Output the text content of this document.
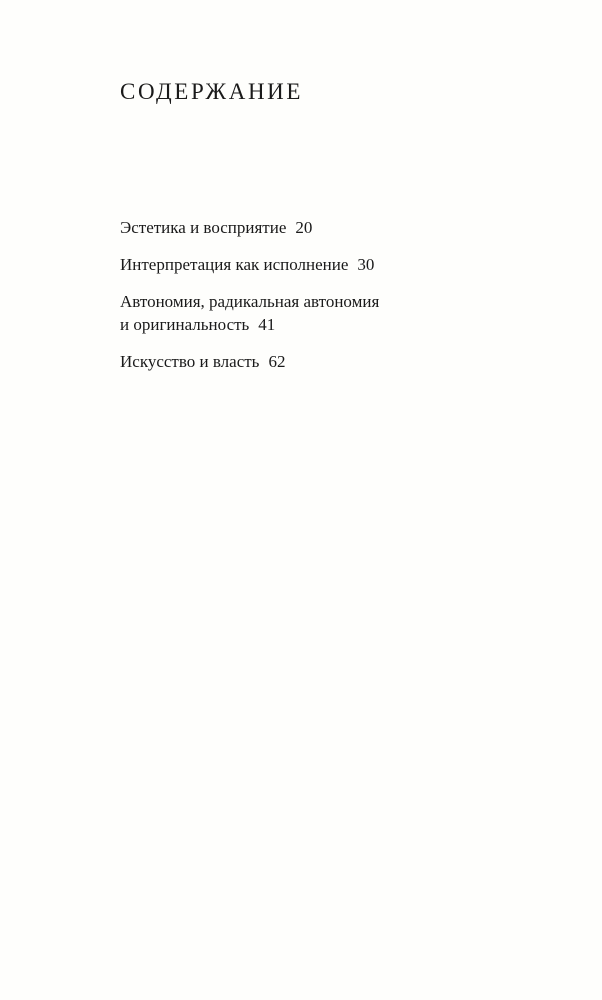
СОДЕРЖАНИЕ
Эстетика и восприятие 20
Интерпретация как исполнение 30
Автономия, радикальная автономия
и оригинальность 41
Искусство и власть 62
